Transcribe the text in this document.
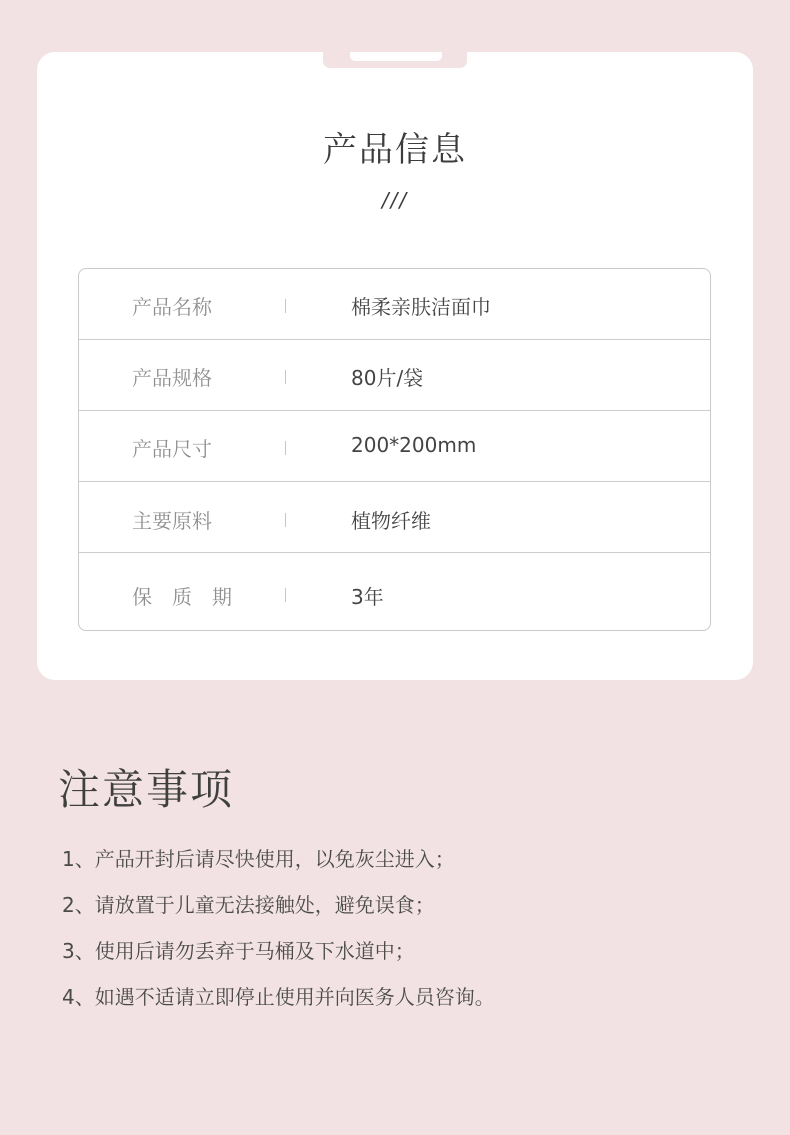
产品信息
///
产品名称	棉柔亲肤洁面巾
产品规格	80片/袋
产品尺寸	200*200mm
主要原料	植物纤维
保　质　期	3年
注意事项
1、产品开封后请尽快使用，以免灰尘进入；
2、请放置于儿童无法接触处，避免误食；
3、使用后请勿丢弃于马桶及下水道中；
4、如遇不适请立即停止使用并向医务人员咨询。
